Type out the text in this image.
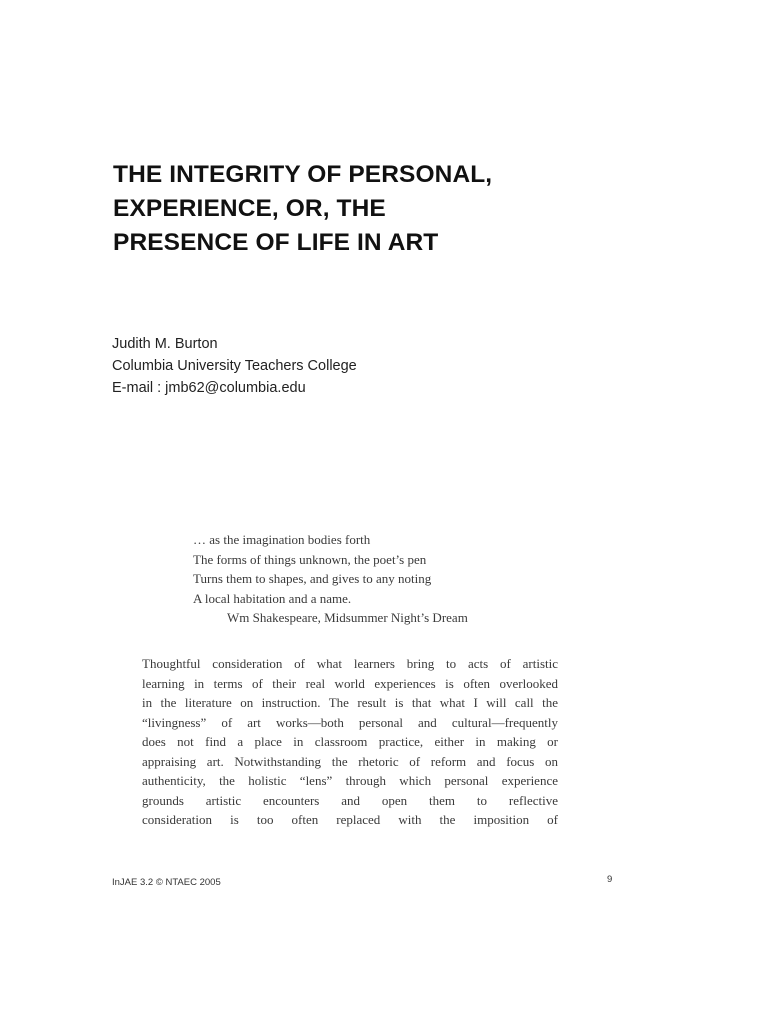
THE INTEGRITY OF PERSONAL,
EXPERIENCE, OR, THE
PRESENCE OF LIFE IN ART
Judith M. Burton
Columbia University Teachers College
E-mail : jmb62@columbia.edu
… as the imagination bodies forth
The forms of things unknown, the poet’s pen
Turns them to shapes, and gives to any noting
A local habitation and a name.
Wm Shakespeare, Midsummer Night’s Dream
Thoughtful consideration of what learners bring to acts of artistic
learning in terms of their real world experiences is often overlooked
in the literature on instruction. The result is that what I will call the
“livingness” of art works—both personal and cultural—frequently
does not find a place in classroom practice, either in making or
appraising art. Notwithstanding the rhetoric of reform and focus on
authenticity, the holistic “lens” through which personal experience
grounds artistic encounters and open them to reflective
consideration is too often replaced with the imposition of
InJAE 3.2 © NTAEC 2005	9
